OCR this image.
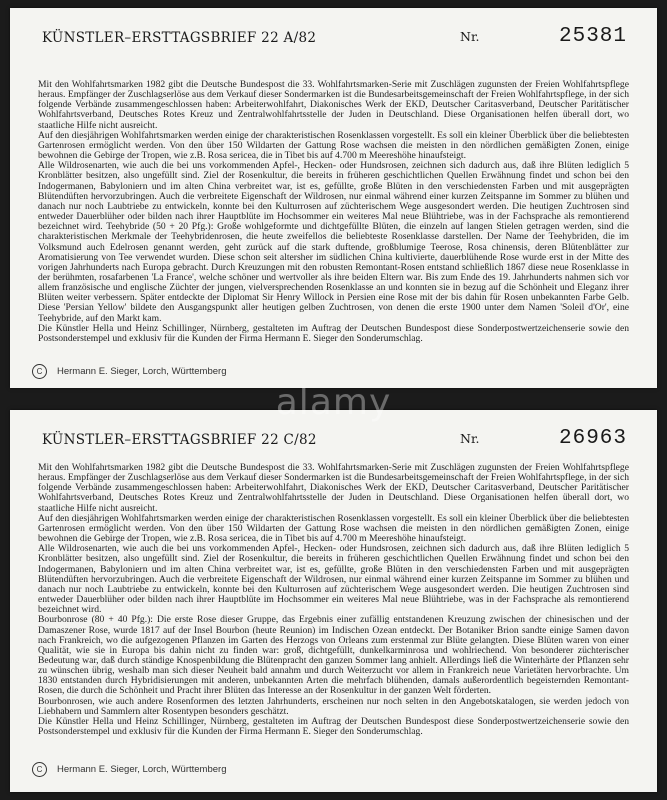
KÜNSTLER–ERSTTAGSBRIEF 22 A/82	Nr.	25381

Mit den Wohlfahrtsmarken 1982 gibt die Deutsche Bundespost die 33. Wohlfahrtsmarken-Serie mit Zuschlägen zugunsten der Freien Wohlfahrtspflege heraus. Empfänger der Zuschlagserlöse aus dem Verkauf dieser Sondermarken ist die Bundesarbeitsgemeinschaft der Freien Wohlfahrtspflege, in der sich folgende Verbände zusammengeschlossen haben: Arbeiterwohlfahrt, Diakonisches Werk der EKD, Deutscher Caritasverband, Deutscher Paritätischer Wohlfahrtsverband, Deutsches Rotes Kreuz und Zentralwohlfahrtsstelle der Juden in Deutschland. Diese Organisationen helfen überall dort, wo staatliche Hilfe nicht ausreicht.

Auf den diesjährigen Wohlfahrtsmarken werden einige der charakteristischen Rosenklassen vorgestellt. Es soll ein kleiner Überblick über die beliebtesten Gartenrosen ermöglicht werden. Von den über 150 Wildarten der Gattung Rose wachsen die meisten in den nördlichen gemäßigten Zonen, einige bewohnen die Gebirge der Tropen, wie z.B. Rosa sericea, die in Tibet bis auf 4.700 m Meereshöhe hinaufsteigt.

Alle Wildrosenarten, wie auch die bei uns vorkommenden Apfel-, Hecken- oder Hundsrosen, zeichnen sich dadurch aus, daß ihre Blüten lediglich 5 Kronblätter besitzen, also ungefüllt sind. Ziel der Rosenkultur, die bereits in früheren geschichtlichen Quellen Erwähnung findet und schon bei den Indogermanen, Babyloniern und im alten China verbreitet war, ist es, gefüllte, große Blüten in den verschiedensten Farben und mit ausgeprägten Blütendüften hervorzubringen. Auch die verbreitete Eigenschaft der Wildrosen, nur einmal während einer kurzen Zeitspanne im Sommer zu blühen und danach nur noch Laubtriebe zu entwickeln, konnte bei den Kulturrosen auf züchterischem Wege ausgesondert werden. Die heutigen Zuchtrosen sind entweder Dauerblüher oder bilden nach ihrer Hauptblüte im Hochsommer ein weiteres Mal neue Blühtriebe, was in der Fachsprache als remontierend bezeichnet wird. Teehybride (50 + 20 Pfg.): Große wohlgeformte und dichtgefüllte Blüten, die einzeln auf langen Stielen getragen werden, sind die charakteristischen Merkmale der Teehybridenrosen, die heute zweifellos die beliebteste Rosenklasse darstellen. Der Name der Teehybriden, die im Volksmund auch Edelrosen genannt werden, geht zurück auf die stark duftende, großblumige Teerose, Rosa chinensis, deren Blütenblätter zur Aromatisierung von Tee verwendet wurden. Diese schon seit altersher im südlichen China kultivierte, dauerblühende Rose wurde erst in der Mitte des vorigen Jahrhunderts nach Europa gebracht. Durch Kreuzungen mit den robusten Remontant-Rosen entstand schließlich 1867 diese neue Rosenklasse in der berühmten, rosafarbenen 'La France', welche schöner und wertvoller als ihre beiden Eltern war. Bis zum Ende des 19. Jahrhunderts nahmen sich vor allem französische und englische Züchter der jungen, vielversprechenden Rosenklasse an und konnten sie in bezug auf die Schönheit und Eleganz ihrer Blüten weiter verbessern. Später entdeckte der Diplomat Sir Henry Willock in Persien eine Rose mit der bis dahin für Rosen unbekannten Farbe Gelb. Diese 'Persian Yellow' bildete den Ausgangspunkt aller heutigen gelben Zuchtrosen, von denen die erste 1900 unter dem Namen 'Soleil d'Or', eine Teehybride, auf den Markt kam.

Die Künstler Hella und Heinz Schillinger, Nürnberg, gestalteten im Auftrag der Deutschen Bundespost diese Sonderpostwertzeichenserie sowie den Postsonderstempel und exklusiv für die Kunden der Firma Hermann E. Sieger den Sonderumschlag.

C Hermann E. Sieger, Lorch, Württemberg
alamy
KÜNSTLER–ERSTTAGSBRIEF 22 C/82	Nr.	26963

Mit den Wohlfahrtsmarken 1982 gibt die Deutsche Bundespost die 33. Wohlfahrtsmarken-Serie mit Zuschlägen zugunsten der Freien Wohlfahrtspflege heraus. Empfänger der Zuschlagserlöse aus dem Verkauf dieser Sondermarken ist die Bundesarbeitsgemeinschaft der Freien Wohlfahrtspflege, in der sich folgende Verbände zusammengeschlossen haben: Arbeiterwohlfahrt, Diakonisches Werk der EKD, Deutscher Caritasverband, Deutscher Paritätischer Wohlfahrtsverband, Deutsches Rotes Kreuz und Zentralwohlfahrtsstelle der Juden in Deutschland. Diese Organisationen helfen überall dort, wo staatliche Hilfe nicht ausreicht.

Auf den diesjährigen Wohlfahrtsmarken werden einige der charakteristischen Rosenklassen vorgestellt. Es soll ein kleiner Überblick über die beliebtesten Gartenrosen ermöglicht werden. Von den über 150 Wildarten der Gattung Rose wachsen die meisten in den nördlichen gemäßigten Zonen, einige bewohnen die Gebirge der Tropen, wie z.B. Rosa sericea, die in Tibet bis auf 4.700 m Meereshöhe hinaufsteigt.

Alle Wildrosenarten, wie auch die bei uns vorkommenden Apfel-, Hecken- oder Hundsrosen, zeichnen sich dadurch aus, daß ihre Blüten lediglich 5 Kronblätter besitzen, also ungefüllt sind. Ziel der Rosenkultur, die bereits in früheren geschichtlichen Quellen Erwähnung findet und schon bei den Indogermanen, Babyloniern und im alten China verbreitet war, ist es, gefüllte, große Blüten in den verschiedensten Farben und mit ausgeprägten Blütendüften hervorzubringen. Auch die verbreitete Eigenschaft der Wildrosen, nur einmal während einer kurzen Zeitspanne im Sommer zu blühen und danach nur noch Laubtriebe zu entwickeln, konnte bei den Kulturrosen auf züchterischem Wege ausgesondert werden. Die heutigen Zuchtrosen sind entweder Dauerblüher oder bilden nach ihrer Hauptblüte im Hochsommer ein weiteres Mal neue Blühtriebe, was in der Fachsprache als remontierend bezeichnet wird.

Bourbonrose (80 + 40 Pfg.): Die erste Rose dieser Gruppe, das Ergebnis einer zufällig entstandenen Kreuzung zwischen der chinesischen und der Damaszener Rose, wurde 1817 auf der Insel Bourbon (heute Reunion) im Indischen Ozean entdeckt. Der Botaniker Brion sandte einige Samen davon nach Frankreich, wo die aufgezogenen Pflanzen im Garten des Herzogs von Orleans zum erstenmal zur Blüte gelangten. Diese Blüten waren von einer Qualität, wie sie in Europa bis dahin nicht zu finden war: groß, dichtgefüllt, dunkelkarminrosa und wohlriechend. Von besonderer züchterischer Bedeutung war, daß durch ständige Knospenbildung die Blütenpracht den ganzen Sommer lang anhielt. Allerdings ließ die Winterhärte der Pflanzen sehr zu wünschen übrig, weshalb man sich dieser Neuheit bald annahm und durch Weiterzucht vor allem in Frankreich neue Varietäten hervorbrachte. Um 1830 entstanden durch Hybridisierungen mit anderen, unbekannten Arten die mehrfach blühenden, damals außerordentlich begeisternden Remontant-Rosen, die durch die Schönheit und Pracht ihrer Blüten das Interesse an der Rosenkultur in der ganzen Welt förderten.

Bourbonrosen, wie auch andere Rosenformen des letzten Jahrhunderts, erscheinen nur noch selten in den Angebotskatalogen, sie werden jedoch von Liebhabern und Sammlern alter Rosentypen besonders geschätzt.

Die Künstler Hella und Heinz Schillinger, Nürnberg, gestalteten im Auftrag der Deutschen Bundespost diese Sonderpostwertzeichenserie sowie den Postsonderstempel und exklusiv für die Kunden der Firma Hermann E. Sieger den Sonderumschlag.

C Hermann E. Sieger, Lorch, Württemberg
